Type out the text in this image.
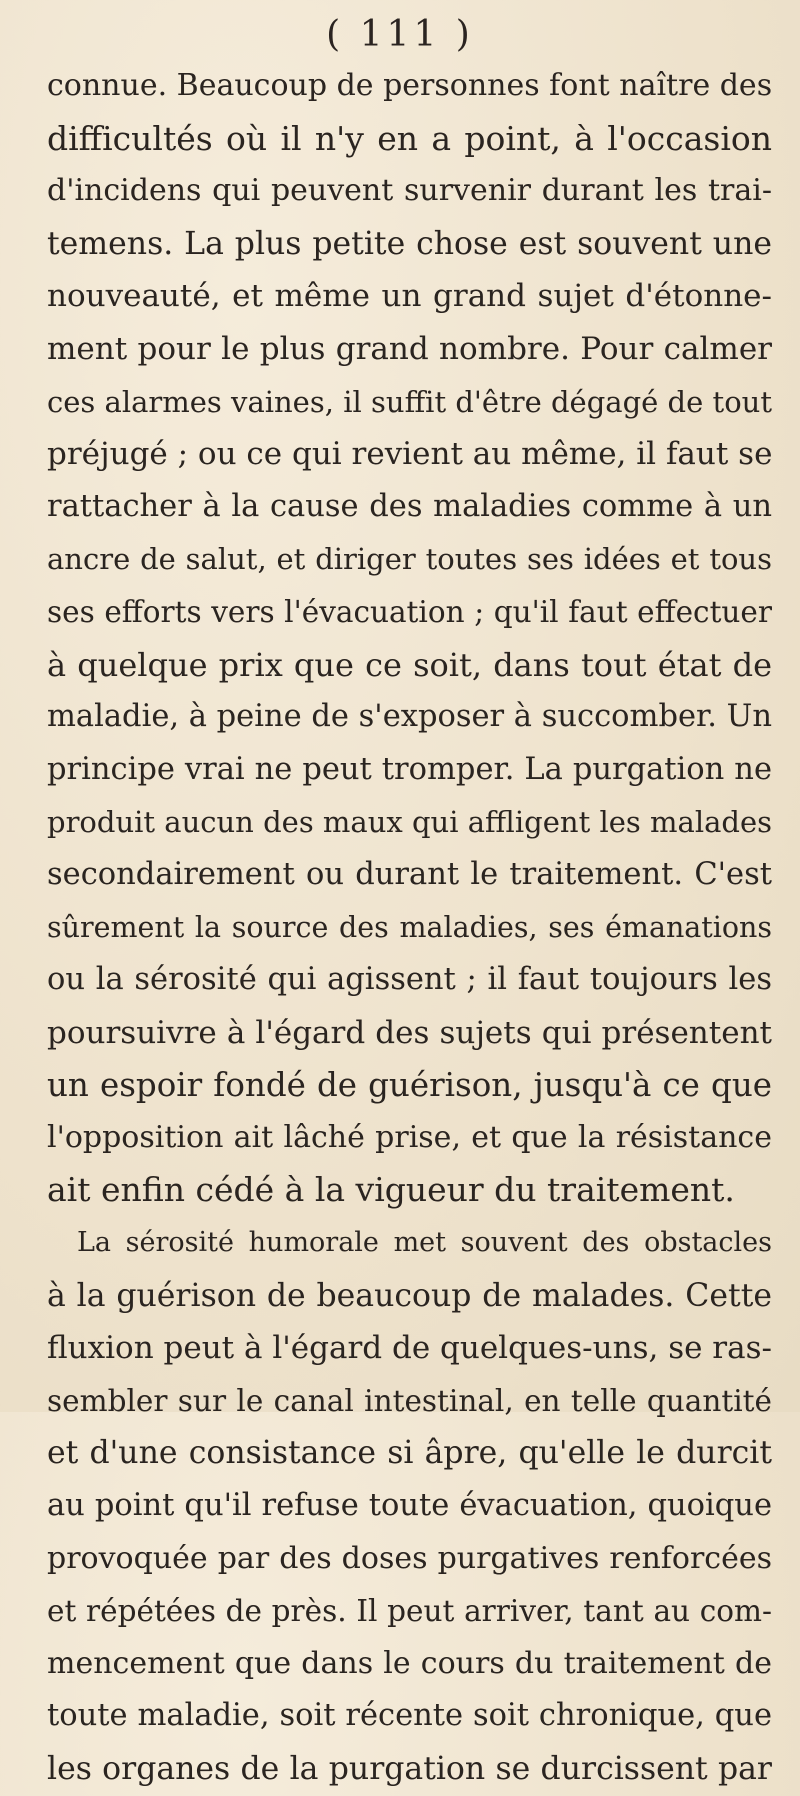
( 111 )
connue. Beaucoup de personnes font naître des
difficultés où il n'y en a point, à l'occasion
d'incidens qui peuvent survenir durant les trai-
temens. La plus petite chose est souvent une
nouveauté, et même un grand sujet d'étonne-
ment pour le plus grand nombre. Pour calmer
ces alarmes vaines, il suffit d'être dégagé de tout
préjugé ; ou ce qui revient au même, il faut se
rattacher à la cause des maladies comme à un
ancre de salut, et diriger toutes ses idées et tous
ses efforts vers l'évacuation ; qu'il faut effectuer
à quelque prix que ce soit, dans tout état de
maladie, à peine de s'exposer à succomber. Un
principe vrai ne peut tromper. La purgation ne
produit aucun des maux qui affligent les malades
secondairement ou durant le traitement. C'est
sûrement la source des maladies, ses émanations
ou la sérosité qui agissent ; il faut toujours les
poursuivre à l'égard des sujets qui présentent
un espoir fondé de guérison, jusqu'à ce que
l'opposition ait lâché prise, et que la résistance
ait enfin cédé à la vigueur du traitement.
La sérosité humorale met souvent des obstacles
à la guérison de beaucoup de malades. Cette
fluxion peut à l'égard de quelques-uns, se ras-
sembler sur le canal intestinal, en telle quantité
et d'une consistance si âpre, qu'elle le durcit
au point qu'il refuse toute évacuation, quoique
provoquée par des doses purgatives renforcées
et répétées de près. Il peut arriver, tant au com-
mencement que dans le cours du traitement de
toute maladie, soit récente soit chronique, que
les organes de la purgation se durcissent par
